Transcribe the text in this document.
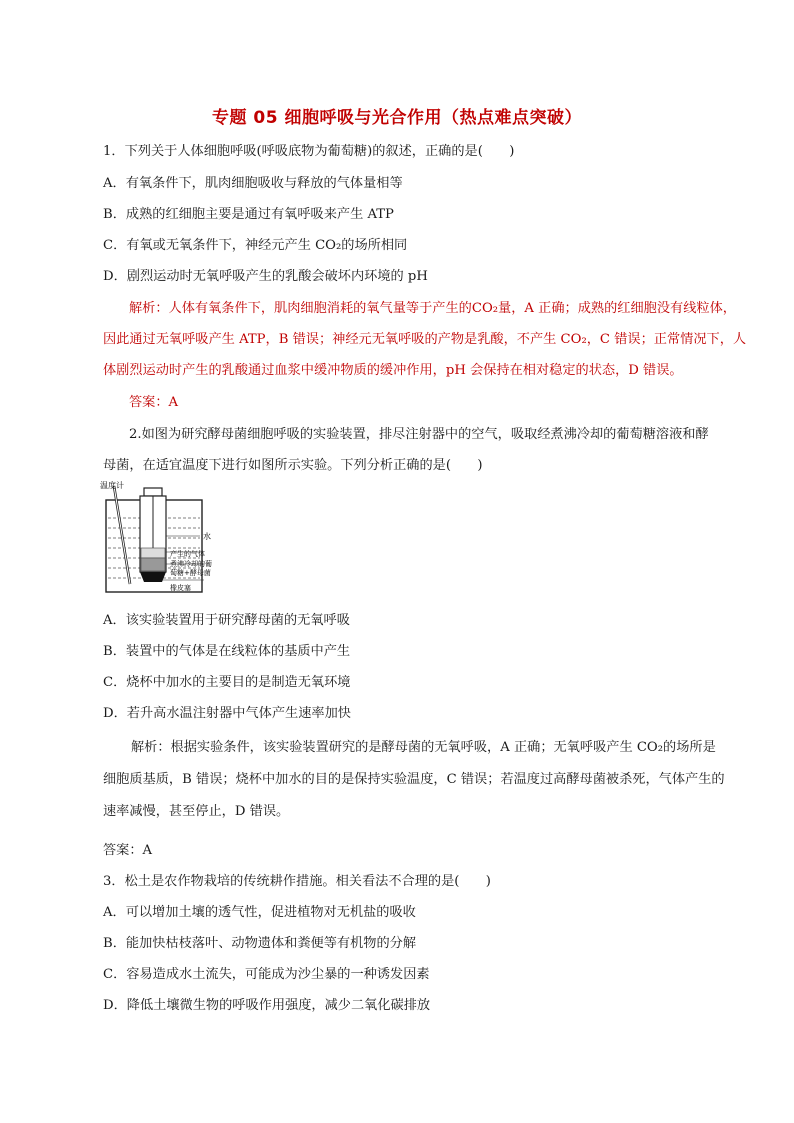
专题 05 细胞呼吸与光合作用（热点难点突破）
1．下列关于人体细胞呼吸(呼吸底物为葡萄糖)的叙述，正确的是(　　)
A．有氧条件下，肌肉细胞吸收与释放的气体量相等
B．成熟的红细胞主要是通过有氧呼吸来产生 ATP
C．有氧或无氧条件下，神经元产生 CO₂的场所相同
D．剧烈运动时无氧呼吸产生的乳酸会破坏内环境的 pH
解析：人体有氧条件下，肌肉细胞消耗的氧气量等于产生的CO₂量，A 正确；成熟的红细胞没有线粒体，
因此通过无氧呼吸产生 ATP，B 错误；神经元无氧呼吸的产物是乳酸，不产生 CO₂，C 错误；正常情况下，人
体剧烈运动时产生的乳酸通过血浆中缓冲物质的缓冲作用，pH 会保持在相对稳定的状态，D 错误。
答案：A
2.如图为研究酵母菌细胞呼吸的实验装置，排尽注射器中的空气，吸取经煮沸冷却的葡萄糖溶液和酵
母菌，在适宜温度下进行如图所示实验。下列分析正确的是(　　)
温度计
水
产生的气体
煮沸冷却的葡
萄糖+酵母菌
橡皮塞
A．该实验装置用于研究酵母菌的无氧呼吸
B．装置中的气体是在线粒体的基质中产生
C．烧杯中加水的主要目的是制造无氧环境
D．若升高水温注射器中气体产生速率加快
解析：根据实验条件，该实验装置研究的是酵母菌的无氧呼吸，A 正确；无氧呼吸产生 CO₂的场所是
细胞质基质，B 错误；烧杯中加水的目的是保持实验温度，C 错误；若温度过高酵母菌被杀死，气体产生的
速率减慢，甚至停止，D 错误。
答案：A
3．松土是农作物栽培的传统耕作措施。相关看法不合理的是(　　)
A．可以增加土壤的透气性，促进植物对无机盐的吸收
B．能加快枯枝落叶、动物遗体和粪便等有机物的分解
C．容易造成水土流失，可能成为沙尘暴的一种诱发因素
D．降低土壤微生物的呼吸作用强度，减少二氧化碳排放
